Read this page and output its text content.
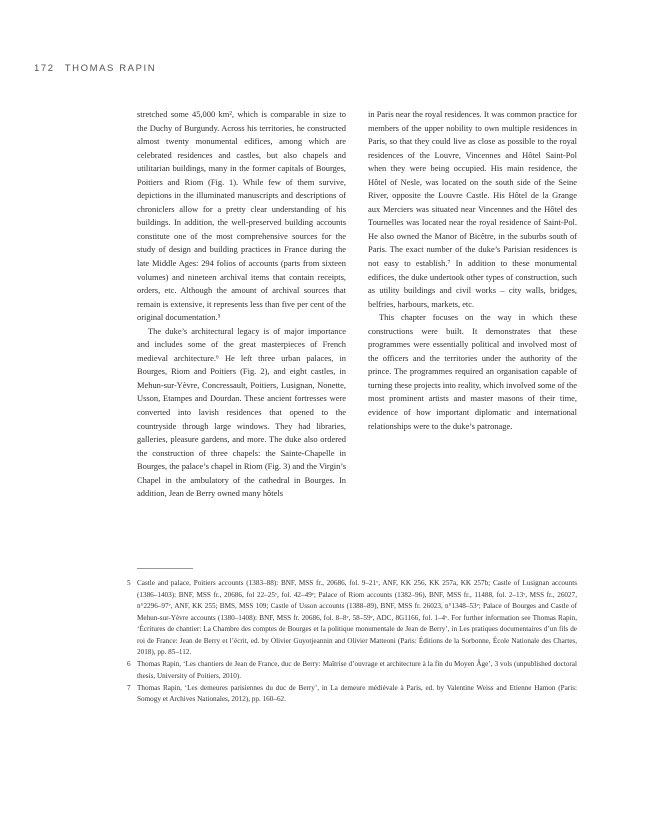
172 THOMAS RAPIN

stretched some 45,000 km², which is comparable in size to the Duchy of Burgundy. Across his territories, he constructed almost twenty monumental edifices, among which are celebrated residences and castles, but also chapels and utilitarian buildings, many in the former capitals of Bourges, Poitiers and Riom (Fig. 1). While few of them survive, depictions in the illuminated manuscripts and descriptions of chroniclers allow for a pretty clear understanding of his buildings. In addition, the well-preserved building accounts constitute one of the most comprehensive sources for the study of design and building practices in France during the late Middle Ages: 294 folios of accounts (parts from sixteen volumes) and nineteen archival items that contain receipts, orders, etc. Although the amount of archival sources that remain is extensive, it represents less than five per cent of the original documentation.⁵

The duke’s architectural legacy is of major importance and includes some of the great masterpieces of French medieval architecture.⁶ He left three urban palaces, in Bourges, Riom and Poitiers (Fig. 2), and eight castles, in Mehun-sur-Yèvre, Concressault, Poitiers, Lusignan, Nonette, Usson, Etampes and Dourdan. These ancient fortresses were converted into lavish residences that opened to the countryside through large windows. They had libraries, galleries, pleasure gardens, and more. The duke also ordered the construction of three chapels: the Sainte-Chapelle in Bourges, the palace’s chapel in Riom (Fig. 3) and the Virgin’s Chapel in the ambulatory of the cathedral in Bourges. In addition, Jean de Berry owned many hôtels

in Paris near the royal residences. It was common practice for members of the upper nobility to own multiple residences in Paris, so that they could live as close as possible to the royal residences of the Louvre, Vincennes and Hôtel Saint-Pol when they were being occupied. His main residence, the Hôtel of Nesle, was located on the south side of the Seine River, opposite the Louvre Castle. His Hôtel de la Grange aux Merciers was situated near Vincennes and the Hôtel des Tournelles was located near the royal residence of Saint-Pol. He also owned the Manor of Bicêtre, in the suburbs south of Paris. The exact number of the duke’s Parisian residences is not easy to establish.⁷ In addition to these monumental edifices, the duke undertook other types of construction, such as utility buildings and civil works – city walls, bridges, belfries, harbours, markets, etc.

This chapter focuses on the way in which these constructions were built. It demonstrates that these programmes were essentially political and involved most of the officers and the territories under the authority of the prince. The programmes required an organisation capable of turning these projects into reality, which involved some of the most prominent artists and master masons of their time, evidence of how important diplomatic and international relationships were to the duke’s patronage.

5 Castle and palace, Poitiers accounts (1383–88): BNF, MSS fr., 20686, fol. 9–21ᵛ, ANF, KK 256, KK 257a, KK 257b; Castle of Lusignan accounts (1386–1403): BNF, MSS fr., 20686, fol 22–25ᵛ, fol. 42–49ᵛ; Palace of Riom accounts (1382–96), BNF, MSS fr., 11488, fol. 2–13ᵛ, MSS fr., 26027, n°2296–97ᵛ, ANF, KK 255; BMS, MSS 109; Castle of Usson accounts (1388–89), BNF, MSS fr. 26023, n°1348–53ᵛ; Palace of Bourges and Castle of Mehun-sur-Yèvre accounts (1380–1408): BNF, MSS fr. 20686, fol. 8–8ᵛ, 58–59ᵛ, ADC, 8G1166, fol. 1–4ᵛ. For further information see Thomas Rapin, ‘Écritures de chantier: La Chambre des comptes de Bourges et la politique monumentale de Jean de Berry’, in Les pratiques documentaires d’un fils de roi de France: Jean de Berry et l’écrit, ed. by Olivier Guyotjeannin and Olivier Matteoni (Paris: Éditions de la Sorbonne, École Nationale des Chartes, 2018), pp. 85–112.
6 Thomas Rapin, ‘Les chantiers de Jean de France, duc de Berry: Maîtrise d’ouvrage et architecture à la fin du Moyen Âge’, 3 vols (unpublished doctoral thesis, University of Poitiers, 2010).
7 Thomas Rapin, ‘Les demeures parisiennes du duc de Berry’, in La demeure médiévale à Paris, ed. by Valentine Weiss and Etienne Hamon (Paris: Somogy et Archives Nationales, 2012), pp. 160–62.
